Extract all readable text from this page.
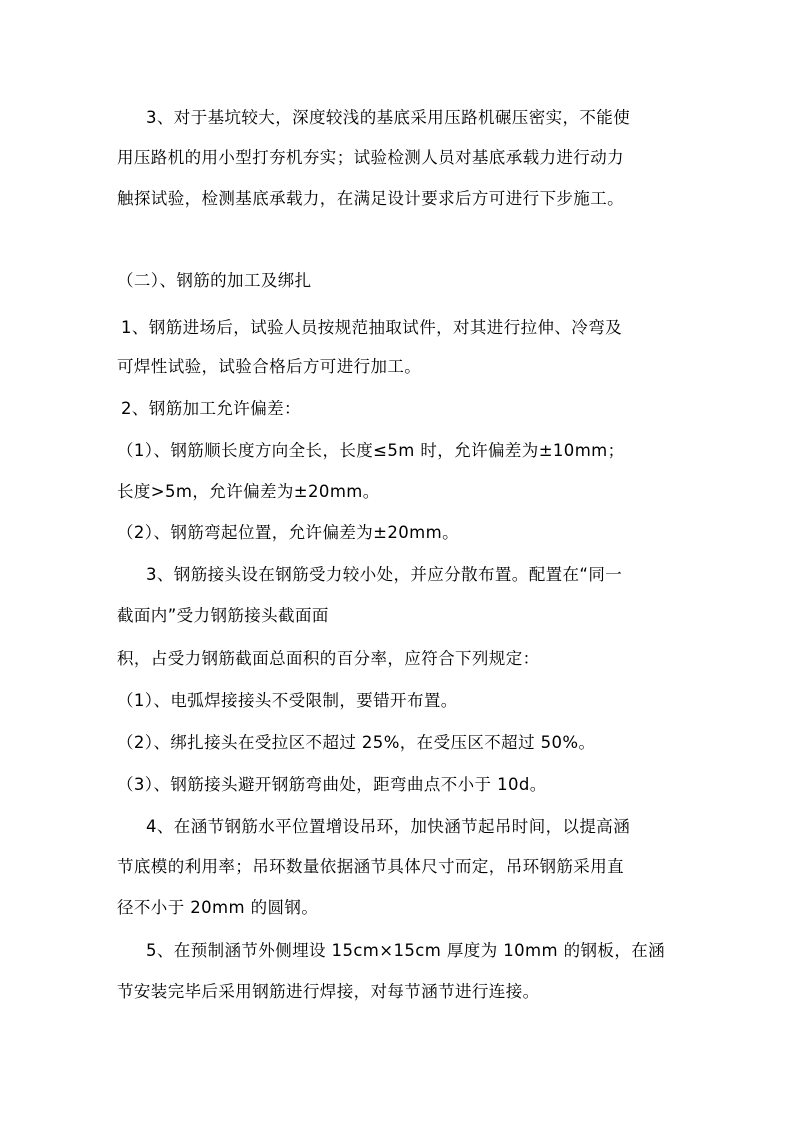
3、对于基坑较大，深度较浅的基底采用压路机碾压密实，不能使
用压路机的用小型打夯机夯实；试验检测人员对基底承载力进行动力
触探试验，检测基底承载力，在满足设计要求后方可进行下步施工。
（二）、钢筋的加工及绑扎
1、钢筋进场后，试验人员按规范抽取试件，对其进行拉伸、冷弯及
可焊性试验，试验合格后方可进行加工。
2、钢筋加工允许偏差：
（1）、钢筋顺长度方向全长，长度≤5m 时，允许偏差为±10mm；
长度>5m，允许偏差为±20mm。
（2）、钢筋弯起位置，允许偏差为±20mm。
3、钢筋接头设在钢筋受力较小处，并应分散布置。配置在“同一
截面内”受力钢筋接头截面面
积，占受力钢筋截面总面积的百分率，应符合下列规定：
（1）、电弧焊接接头不受限制，要错开布置。
（2）、绑扎接头在受拉区不超过 25%，在受压区不超过 50%。
（3）、钢筋接头避开钢筋弯曲处，距弯曲点不小于 10d。
4、在涵节钢筋水平位置增设吊环，加快涵节起吊时间，以提高涵
节底模的利用率；吊环数量依据涵节具体尺寸而定，吊环钢筋采用直
径不小于 20mm 的圆钢。
5、在预制涵节外侧埋设 15cm×15cm 厚度为 10mm 的钢板，在涵
节安装完毕后采用钢筋进行焊接，对每节涵节进行连接。
